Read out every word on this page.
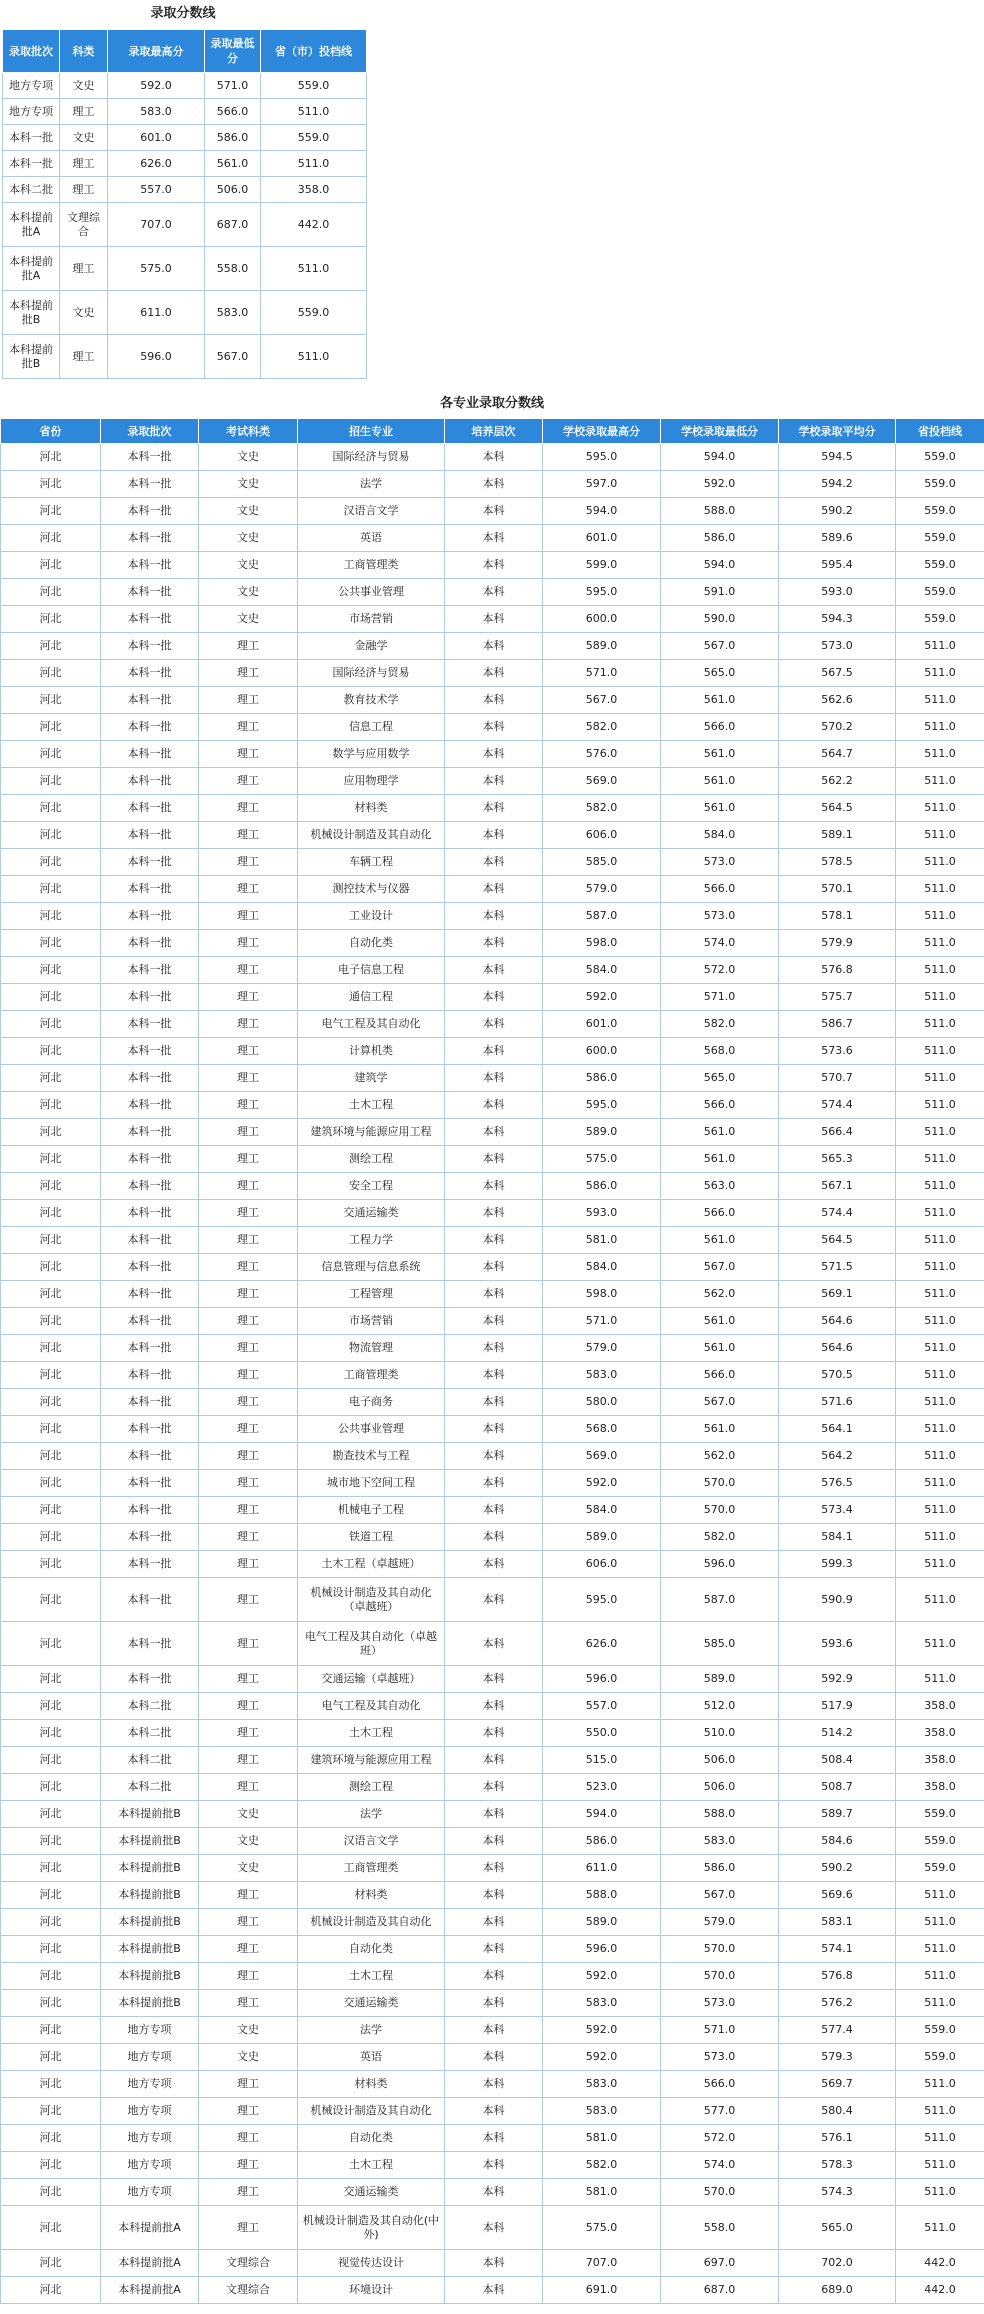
录取分数线
录取批次	科类	录取最高分	录取最低分	省（市）投档线
地方专项	文史	592.0	571.0	559.0
地方专项	理工	583.0	566.0	511.0
本科一批	文史	601.0	586.0	559.0
本科一批	理工	626.0	561.0	511.0
本科二批	理工	557.0	506.0	358.0
本科提前批A	文理综合	707.0	687.0	442.0
本科提前批A	理工	575.0	558.0	511.0
本科提前批B	文史	611.0	583.0	559.0
本科提前批B	理工	596.0	567.0	511.0
各专业录取分数线
省份	录取批次	考试科类	招生专业	培养层次	学校录取最高分	学校录取最低分	学校录取平均分	省投档线
河北	本科一批	文史	国际经济与贸易	本科	595.0	594.0	594.5	559.0
河北	本科一批	文史	法学	本科	597.0	592.0	594.2	559.0
河北	本科一批	文史	汉语言文学	本科	594.0	588.0	590.2	559.0
河北	本科一批	文史	英语	本科	601.0	586.0	589.6	559.0
河北	本科一批	文史	工商管理类	本科	599.0	594.0	595.4	559.0
河北	本科一批	文史	公共事业管理	本科	595.0	591.0	593.0	559.0
河北	本科一批	文史	市场营销	本科	600.0	590.0	594.3	559.0
河北	本科一批	理工	金融学	本科	589.0	567.0	573.0	511.0
河北	本科一批	理工	国际经济与贸易	本科	571.0	565.0	567.5	511.0
河北	本科一批	理工	教育技术学	本科	567.0	561.0	562.6	511.0
河北	本科一批	理工	信息工程	本科	582.0	566.0	570.2	511.0
河北	本科一批	理工	数学与应用数学	本科	576.0	561.0	564.7	511.0
河北	本科一批	理工	应用物理学	本科	569.0	561.0	562.2	511.0
河北	本科一批	理工	材料类	本科	582.0	561.0	564.5	511.0
河北	本科一批	理工	机械设计制造及其自动化	本科	606.0	584.0	589.1	511.0
河北	本科一批	理工	车辆工程	本科	585.0	573.0	578.5	511.0
河北	本科一批	理工	测控技术与仪器	本科	579.0	566.0	570.1	511.0
河北	本科一批	理工	工业设计	本科	587.0	573.0	578.1	511.0
河北	本科一批	理工	自动化类	本科	598.0	574.0	579.9	511.0
河北	本科一批	理工	电子信息工程	本科	584.0	572.0	576.8	511.0
河北	本科一批	理工	通信工程	本科	592.0	571.0	575.7	511.0
河北	本科一批	理工	电气工程及其自动化	本科	601.0	582.0	586.7	511.0
河北	本科一批	理工	计算机类	本科	600.0	568.0	573.6	511.0
河北	本科一批	理工	建筑学	本科	586.0	565.0	570.7	511.0
河北	本科一批	理工	土木工程	本科	595.0	566.0	574.4	511.0
河北	本科一批	理工	建筑环境与能源应用工程	本科	589.0	561.0	566.4	511.0
河北	本科一批	理工	测绘工程	本科	575.0	561.0	565.3	511.0
河北	本科一批	理工	安全工程	本科	586.0	563.0	567.1	511.0
河北	本科一批	理工	交通运输类	本科	593.0	566.0	574.4	511.0
河北	本科一批	理工	工程力学	本科	581.0	561.0	564.5	511.0
河北	本科一批	理工	信息管理与信息系统	本科	584.0	567.0	571.5	511.0
河北	本科一批	理工	工程管理	本科	598.0	562.0	569.1	511.0
河北	本科一批	理工	市场营销	本科	571.0	561.0	564.6	511.0
河北	本科一批	理工	物流管理	本科	579.0	561.0	564.6	511.0
河北	本科一批	理工	工商管理类	本科	583.0	566.0	570.5	511.0
河北	本科一批	理工	电子商务	本科	580.0	567.0	571.6	511.0
河北	本科一批	理工	公共事业管理	本科	568.0	561.0	564.1	511.0
河北	本科一批	理工	勘查技术与工程	本科	569.0	562.0	564.2	511.0
河北	本科一批	理工	城市地下空间工程	本科	592.0	570.0	576.5	511.0
河北	本科一批	理工	机械电子工程	本科	584.0	570.0	573.4	511.0
河北	本科一批	理工	铁道工程	本科	589.0	582.0	584.1	511.0
河北	本科一批	理工	土木工程（卓越班）	本科	606.0	596.0	599.3	511.0
河北	本科一批	理工	机械设计制造及其自动化（卓越班）	本科	595.0	587.0	590.9	511.0
河北	本科一批	理工	电气工程及其自动化（卓越班）	本科	626.0	585.0	593.6	511.0
河北	本科一批	理工	交通运输（卓越班）	本科	596.0	589.0	592.9	511.0
河北	本科二批	理工	电气工程及其自动化	本科	557.0	512.0	517.9	358.0
河北	本科二批	理工	土木工程	本科	550.0	510.0	514.2	358.0
河北	本科二批	理工	建筑环境与能源应用工程	本科	515.0	506.0	508.4	358.0
河北	本科二批	理工	测绘工程	本科	523.0	506.0	508.7	358.0
河北	本科提前批B	文史	法学	本科	594.0	588.0	589.7	559.0
河北	本科提前批B	文史	汉语言文学	本科	586.0	583.0	584.6	559.0
河北	本科提前批B	文史	工商管理类	本科	611.0	586.0	590.2	559.0
河北	本科提前批B	理工	材料类	本科	588.0	567.0	569.6	511.0
河北	本科提前批B	理工	机械设计制造及其自动化	本科	589.0	579.0	583.1	511.0
河北	本科提前批B	理工	自动化类	本科	596.0	570.0	574.1	511.0
河北	本科提前批B	理工	土木工程	本科	592.0	570.0	576.8	511.0
河北	本科提前批B	理工	交通运输类	本科	583.0	573.0	576.2	511.0
河北	地方专项	文史	法学	本科	592.0	571.0	577.4	559.0
河北	地方专项	文史	英语	本科	592.0	573.0	579.3	559.0
河北	地方专项	理工	材料类	本科	583.0	566.0	569.7	511.0
河北	地方专项	理工	机械设计制造及其自动化	本科	583.0	577.0	580.4	511.0
河北	地方专项	理工	自动化类	本科	581.0	572.0	576.1	511.0
河北	地方专项	理工	土木工程	本科	582.0	574.0	578.3	511.0
河北	地方专项	理工	交通运输类	本科	581.0	570.0	574.3	511.0
河北	本科提前批A	理工	机械设计制造及其自动化(中外)	本科	575.0	558.0	565.0	511.0
河北	本科提前批A	文理综合	视觉传达设计	本科	707.0	697.0	702.0	442.0
河北	本科提前批A	文理综合	环境设计	本科	691.0	687.0	689.0	442.0
